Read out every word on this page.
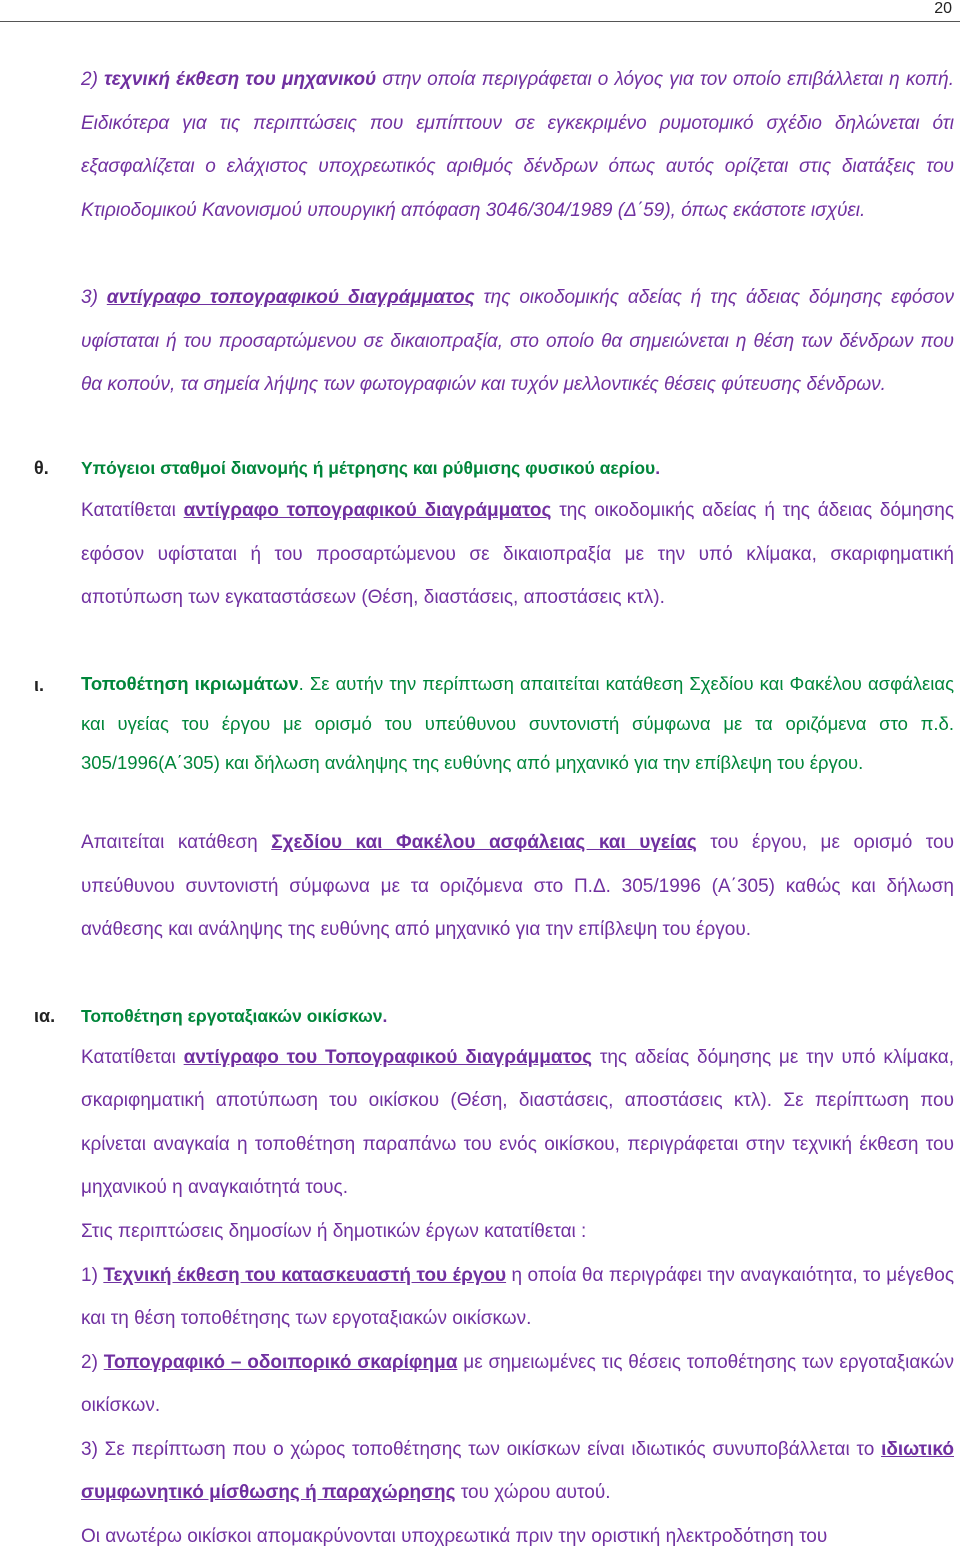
20

2) τεχνική έκθεση του μηχανικού στην οποία περιγράφεται ο λόγος για τον οποίο επιβάλλεται η κοπή. Ειδικότερα για τις περιπτώσεις που εμπίπτουν σε εγκεκριμένο ρυμοτομικό σχέδιο δηλώνεται ότι εξασφαλίζεται ο ελάχιστος υποχρεωτικός αριθμός δένδρων όπως αυτός ορίζεται στις διατάξεις του Κτιριοδομικού Κανονισμού υπουργική απόφαση 3046/304/1989 (Δ΄59), όπως εκάστοτε ισχύει.

3) αντίγραφο τοπογραφικού διαγράμματος της οικοδομικής αδείας ή της άδειας δόμησης εφόσον υφίσταται ή του προσαρτώμενου σε δικαιοπραξία, στο οποίο θα σημειώνεται η θέση των δένδρων που θα κοπούν, τα σημεία λήψης των φωτογραφιών και τυχόν μελλοντικές θέσεις φύτευσης δένδρων.

θ. Υπόγειοι σταθμοί διανομής ή μέτρησης και ρύθμισης φυσικού αερίου.

Κατατίθεται αντίγραφο τοπογραφικού διαγράμματος της οικοδομικής αδείας ή της άδειας δόμησης εφόσον υφίσταται ή του προσαρτώμενου σε δικαιοπραξία με την υπό κλίμακα, σκαριφηματική αποτύπωση των εγκαταστάσεων (Θέση, διαστάσεις, αποστάσεις κτλ).

ι. Τοποθέτηση ικριωμάτων. Σε αυτήν την περίπτωση απαιτείται κατάθεση Σχεδίου και Φακέλου ασφάλειας και υγείας του έργου με ορισμό του υπεύθυνου συντονιστή σύμφωνα με τα οριζόμενα στο π.δ. 305/1996(Α΄305) και δήλωση ανάληψης της ευθύνης από μηχανικό για την επίβλεψη του έργου.

Απαιτείται κατάθεση Σχεδίου και Φακέλου ασφάλειας και υγείας του έργου, με ορισμό του υπεύθυνου συντονιστή σύμφωνα με τα οριζόμενα στο Π.Δ. 305/1996 (Α΄305) καθώς και δήλωση ανάθεσης και ανάληψης της ευθύνης από μηχανικό για την επίβλεψη του έργου.

ια. Τοποθέτηση εργοταξιακών οικίσκων.

Κατατίθεται αντίγραφο του Τοπογραφικού διαγράμματος της αδείας δόμησης με την υπό κλίμακα, σκαριφηματική αποτύπωση του οικίσκου (Θέση, διαστάσεις, αποστάσεις κτλ). Σε περίπτωση που κρίνεται αναγκαία η τοποθέτηση παραπάνω του ενός οικίσκου, περιγράφεται στην τεχνική έκθεση του μηχανικού η αναγκαιότητά τους.

Στις περιπτώσεις δημοσίων ή δημοτικών έργων κατατίθεται :

1) Τεχνική έκθεση του κατασκευαστή του έργου η οποία θα περιγράφει την αναγκαιότητα, το μέγεθος και τη θέση τοποθέτησης των εργοταξιακών οικίσκων.

2) Τοπογραφικό – οδοιπορικό σκαρίφημα με σημειωμένες τις θέσεις τοποθέτησης των εργοταξιακών οικίσκων.

3) Σε περίπτωση που ο χώρος τοποθέτησης των οικίσκων είναι ιδιωτικός συνυποβάλλεται το ιδιωτικό συμφωνητικό μίσθωσης ή παραχώρησης του χώρου αυτού.

Οι ανωτέρω οικίσκοι απομακρύνονται υποχρεωτικά πριν την οριστική ηλεκτροδότηση του
